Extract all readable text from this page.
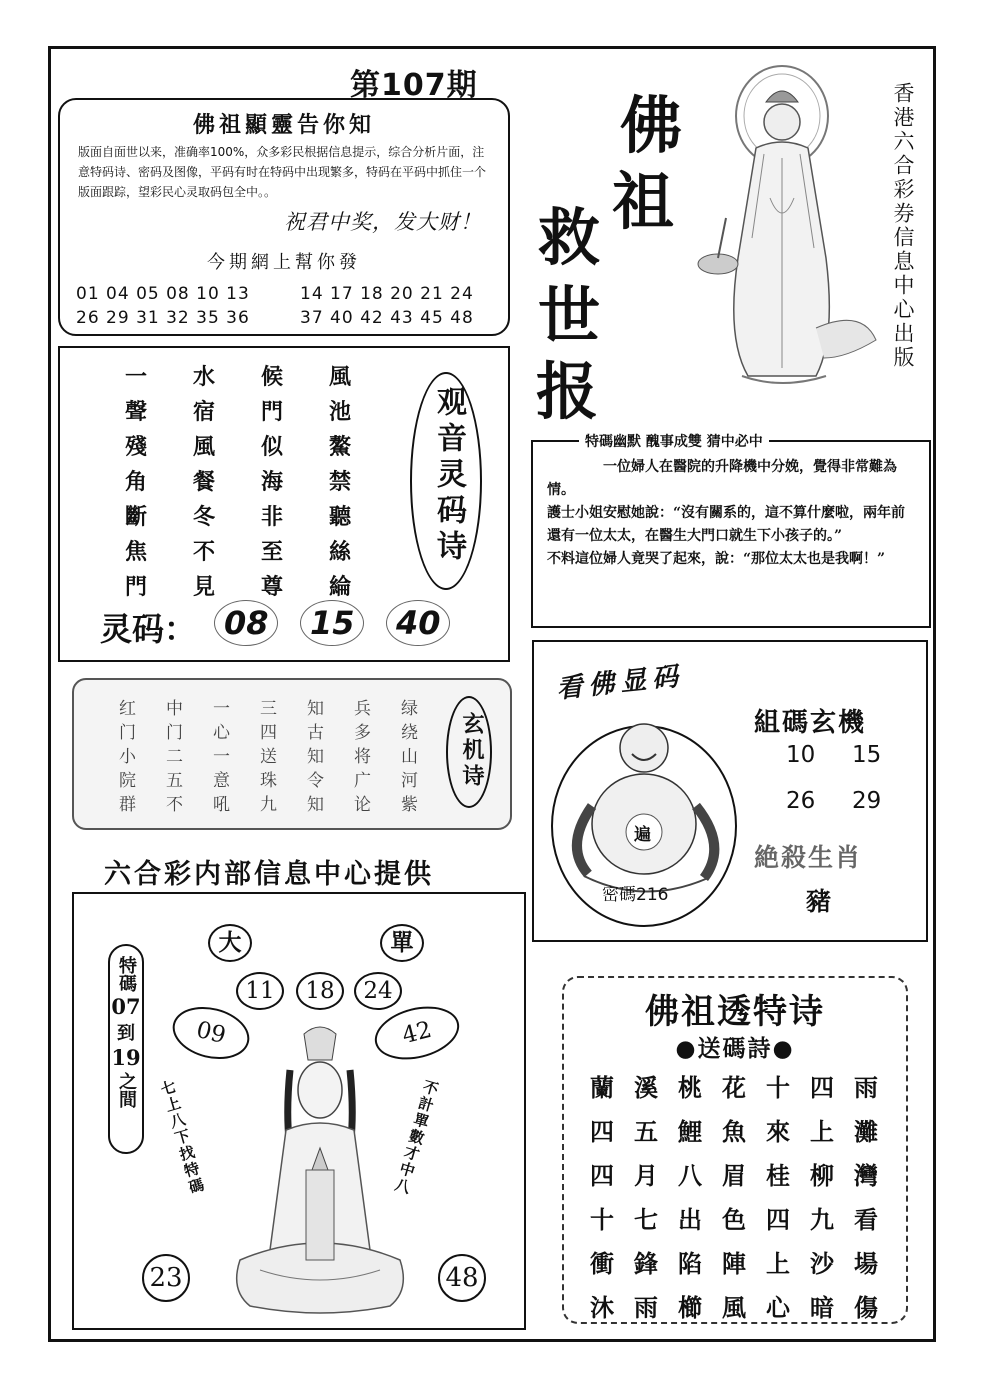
第107期
佛祖顯靈告你知
版面自面世以来，准确率100%，众多彩民根据信息提示，综合分析片面，注意特码诗、密码及图像，平码有时在特码中出现繁多，特码在平码中抓住一个版面跟踪，望彩民心灵取码包全中。。
祝君中奖，发大财！
今期網上幫你發
01 04 05 08 10 13	14 17 18 20 21 24
26 29 31 32 35 36	37 40 42 43 45 48
佛
祖
救
世
报
香港六合彩券信息中心出版
一	水	候	風
聲	宿	門	池
殘	風	似	鰲
角	餐	海	禁
斷	冬	非	聽
焦	不	至	絲
門	見	尊	綸
观音灵码诗
灵码： 08 15 40
红	中	一	三	知	兵	绿
门	门	心	四	古	多	绕
小	二	一	送	知	将	山
院	五	意	珠	令	广	河
群	不	吼	九	知	论	紫
玄机诗
六合彩内部信息中心提供
大	單
11	18	24
09	42
23	48
特碼
07
到
19
之間 七上八下找特碼	不計單數才中八
特碼幽默 醜事成雙 猜中必中
一位婦人在醫院的升降機中分娩，覺得非常難為情。
護士小姐安慰她說：“沒有關系的，這不算什麼啦，兩年前還有一位太太，在醫生大門口就生下小孩子的。”
不料這位婦人竟哭了起來，說：“那位太太也是我啊！”
看佛显码
遍
密碼216
組碼玄機
10 15
26 29
絶殺生肖
豬
佛祖透特诗
●送碼詩●
蘭 溪 桃 花 十 四 雨
四 五 鯉 魚 來 上 灘
四 月 八 眉 桂 柳 灣
十 七 出 色 四 九 看
衝 鋒 陷 陣 上 沙 場
沐 雨 櫛 風 心 暗 傷
